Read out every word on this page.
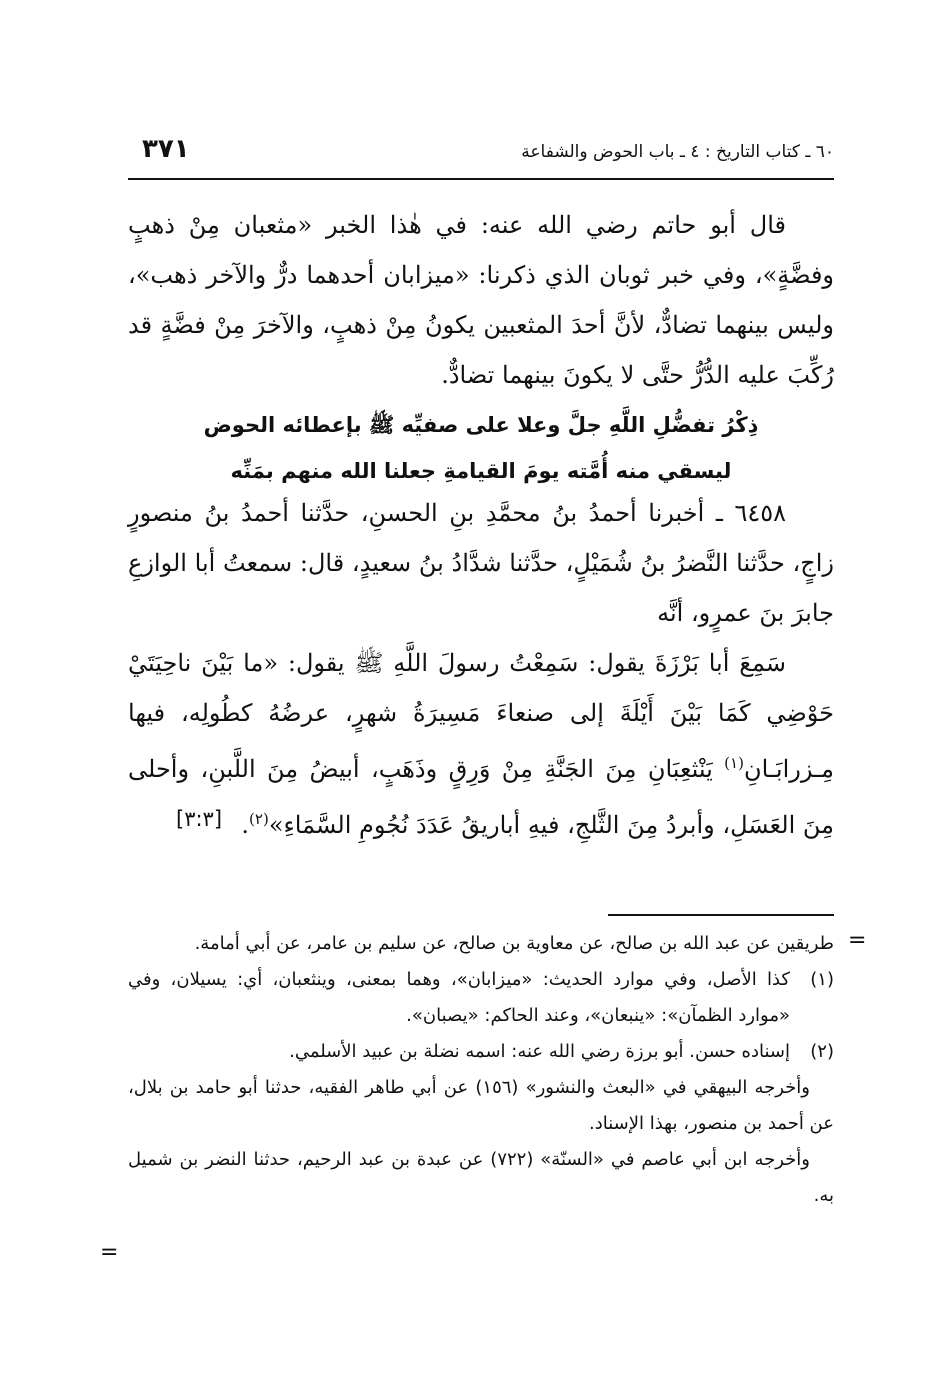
٦٠ ـ كتاب التاريخ : ٤ ـ باب الحوض والشفاعة
٣٧١

قال أبو حاتم رضي الله عنه: في هٰذا الخبر «مثعبان مِنْ ذهبٍ وفضَّةٍ»، وفي خبر ثوبان الذي ذكرنا: «ميزابان أحدهما درٌّ والآخر ذهب»، وليس بينهما تضادٌّ، لأنَّ أحدَ المثعبين يكونُ مِنْ ذهبٍ، والآخرَ مِنْ فضَّةٍ قد رُكِّبَ عليه الدُّرُّ حتَّى لا يكونَ بينهما تضادٌّ.

ذِكْرُ تفضُّلِ اللَّهِ جلَّ وعلا على صفيِّه ﷺ بإعطائه الحوض

ليسقي منه أُمَّته يومَ القيامةِ جعلنا الله منهم بمَنِّه

٦٤٥٨ ـ أخبرنا أحمدُ بنُ محمَّدِ بنِ الحسنِ، حدَّثنا أحمدُ بنُ منصورٍ زاجٍ، حدَّثنا النَّضرُ بنُ شُمَيْلٍ، حدَّثنا شدَّادُ بنُ سعيدٍ، قال: سمعتُ أبا الوازعِ جابرَ بنَ عمرٍو، أنَّه

سَمِعَ أبا بَرْزَةَ يقول: سَمِعْتُ رسولَ اللَّهِ ﷺ يقول: «ما بَيْنَ ناحِيَتَيْ حَوْضِي كَمَا بَيْنَ أَيْلَةَ إلى صنعاءَ مَسِيرَةُ شهرٍ، عرضُهُ كطُولِه، فيها مِـزرابَـانِ$^{(١)}$ يَنْثعِبَانِ مِنَ الجَنَّةِ مِنْ وَرِقٍ وذَهَبٍ، أبيضُ مِنَ اللَّبنِ، وأحلى مِنَ العَسَلِ، وأبردُ مِنَ الثَّلجِ، فيهِ أباريقُ عَدَدَ نُجُومِ السَّمَاءِ»$^{(٢)}$.
[٣:٣]

=

طريقين عن عبد الله بن صالح، عن معاوية بن صالح، عن سليم بن عامر، عن أبي أمامة.

(١)
كذا الأصل، وفي موارد الحديث: «ميزابان»، وهما بمعنى، وينثعبان، أي: يسيلان، وفي «موارد الظمآن»: «ينبعان»، وعند الحاكم: «يصبان».

(٢)
إسناده حسن. أبو برزة رضي الله عنه: اسمه نضلة بن عبيد الأسلمي.

وأخرجه البيهقي في «البعث والنشور» (١٥٦) عن أبي طاهر الفقيه، حدثنا أبو حامد بن بلال، عن أحمد بن منصور، بهذا الإسناد.

وأخرجه ابن أبي عاصم في «السنّة» (٧٢٢) عن عبدة بن عبد الرحيم، حدثنا النضر بن شميل به.

=
